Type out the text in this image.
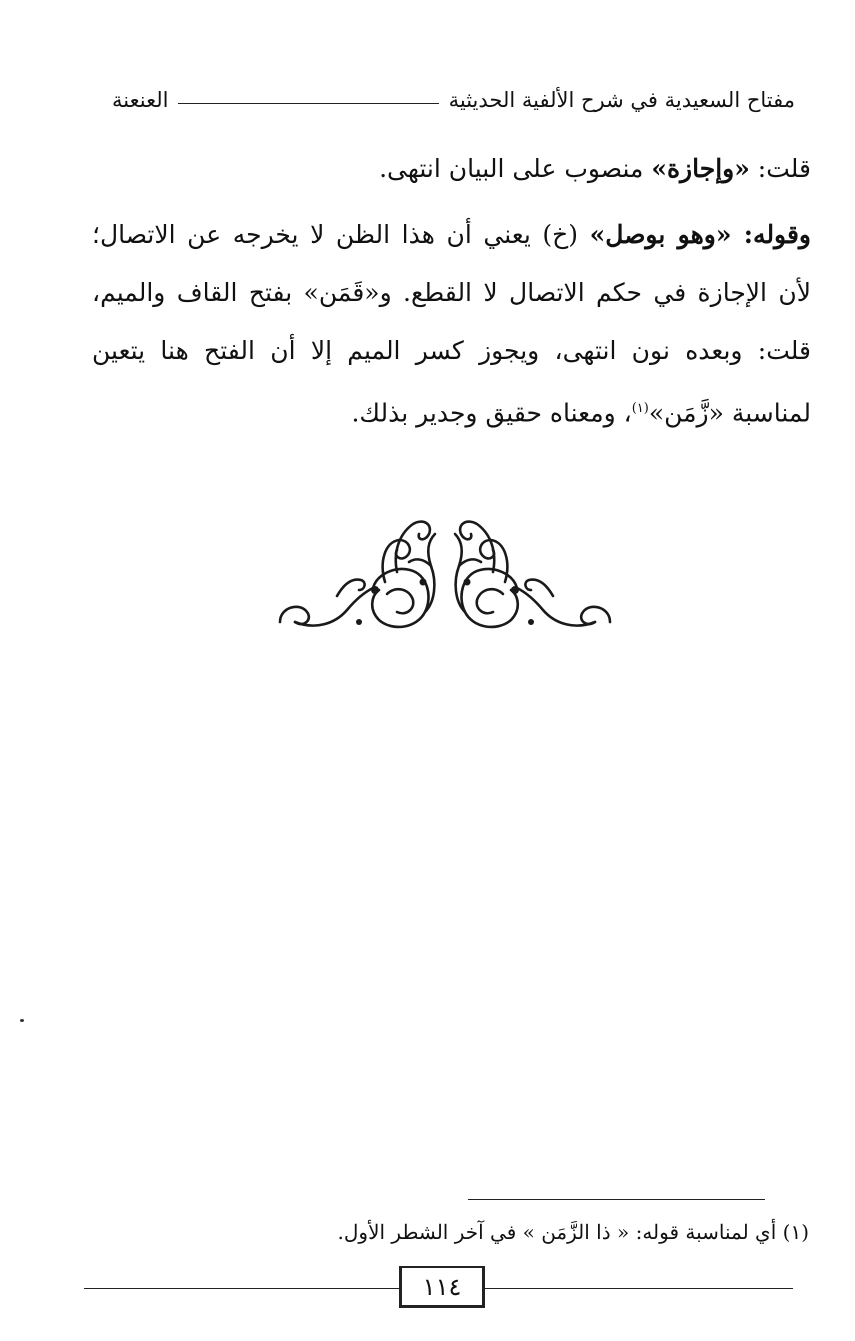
مفتاح السعيدية في شرح الألفية الحديثية
العنعنة

قلت: «وإجازة» منصوب على البيان انتهى.

وقوله: «وهو بوصل» (خ) يعني أن هذا الظن لا يخرجه عن الاتصال؛ لأن الإجازة في حكم الاتصال لا القطع. و«قَمَن» بفتح القاف والميم، قلت: وبعده نون انتهى، ويجوز كسر الميم إلا أن الفتح هنا يتعين لمناسبة «زَّمَن»$^{(١)}$، ومعناه حقيق وجدير بذلك.

(١) أي لمناسبة قوله: « ذا الزَّمَن » في آخر الشطر الأول.
١١٤
